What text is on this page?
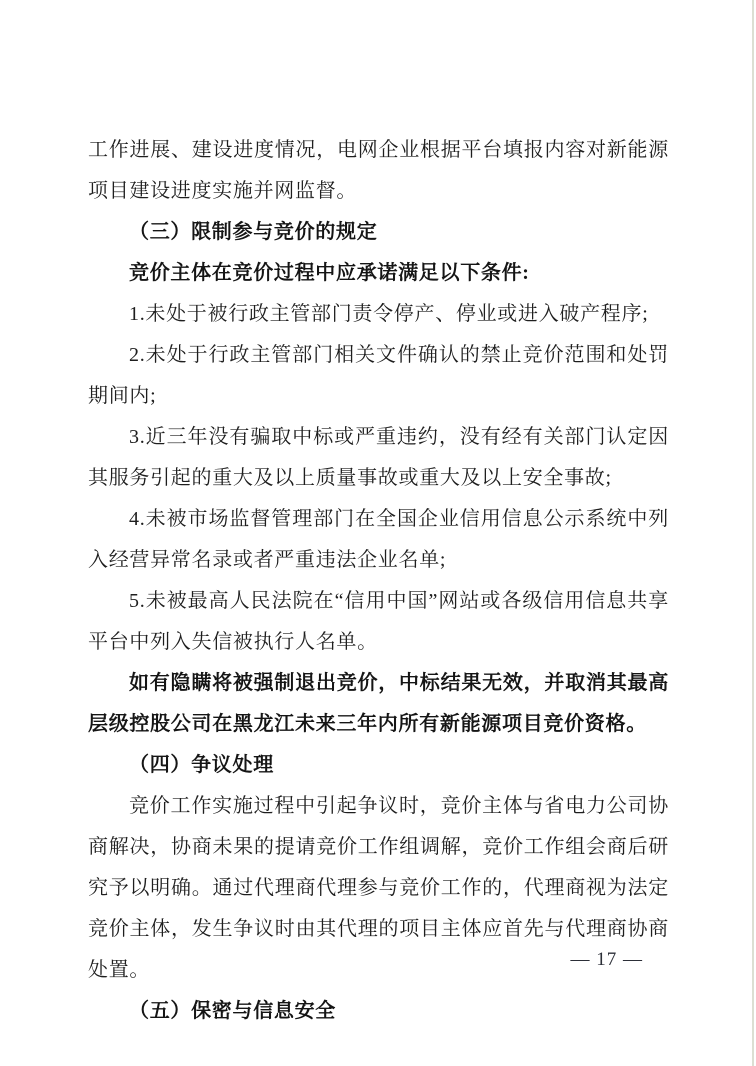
工作进展、建设进度情况，电网企业根据平台填报内容对新能源项目建设进度实施并网监督。

（三）限制参与竞价的规定

竞价主体在竞价过程中应承诺满足以下条件:

1.未处于被行政主管部门责令停产、停业或进入破产程序;

2.未处于行政主管部门相关文件确认的禁止竞价范围和处罚期间内;

3.近三年没有骗取中标或严重违约，没有经有关部门认定因其服务引起的重大及以上质量事故或重大及以上安全事故;

4.未被市场监督管理部门在全国企业信用信息公示系统中列入经营异常名录或者严重违法企业名单;

5.未被最高人民法院在“信用中国”网站或各级信用信息共享平台中列入失信被执行人名单。

如有隐瞒将被强制退出竞价，中标结果无效，并取消其最高层级控股公司在黑龙江未来三年内所有新能源项目竞价资格。

（四）争议处理

竞价工作实施过程中引起争议时，竞价主体与省电力公司协商解决，协商未果的提请竞价工作组调解，竞价工作组会商后研究予以明确。通过代理商代理参与竞价工作的，代理商视为法定竞价主体，发生争议时由其代理的项目主体应首先与代理商协商处置。

（五）保密与信息安全

— 17 —
